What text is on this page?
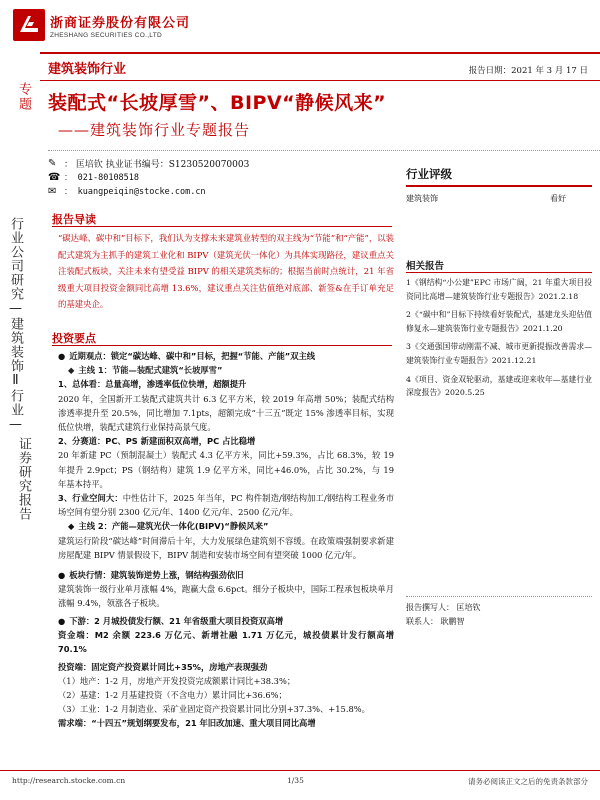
浙商证券股份有限公司
ZHESHANG SECURITIES CO.,LTD
建筑装饰行业	报告日期：2021 年 3 月 17 日
专题
行业公司研究—建筑装饰Ⅱ行业—
证券研究报告
装配式“长坡厚雪”、BIPV“静候风来”
——建筑装饰行业专题报告
✎ ： 匡培钦 执业证书编号：S1230520070003
☎ ： 021-80108518
✉ ： kuangpeiqin@stocke.com.cn
报告导读
“碳达峰、碳中和”目标下，我们认为支撑未来建筑业转型的双主线为“节能”和“产能”，以装配式建筑为主抓手的建筑工业化和 BIPV（建筑光伏一体化）为具体实现路径，建议重点关注装配式板块，关注未来有望受益 BIPV 的相关建筑类标的；根据当前时点统计，21 年省级重大项目投资金额同比高增 13.6%，建议重点关注估值绝对底部、新签&在手订单充足的基建央企。
投资要点
● 近期观点：锁定“碳达峰、碳中和”目标，把握“节能、产能”双主线
◆ 主线 1：节能—装配式建筑“长坡厚雪”
1、总体看：总量高增，渗透率低位快增，超额提升
2020 年，全国新开工装配式建筑共计 6.3 亿平方米，较 2019 年高增 50%；装配式结构渗透率提升至 20.5%，同比增加 7.1pts，超额完成“十三五”既定 15% 渗透率目标，实现低位快增，装配式建筑行业保持高景气度。
2、分赛道：PC、PS 新建面积双高增，PC 占比稳增
20 年新建 PC（预制混凝土）装配式 4.3 亿平方米，同比+59.3%，占比 68.3%，较 19 年提升 2.9pct；PS（钢结构）建筑 1.9 亿平方米，同比+46.0%，占比 30.2%，与 19 年基本持平。
3、行业空间大：中性估计下，2025 年当年，PC 构件制造/钢结构加工/钢结构工程业务市场空间有望分别 2300 亿元/年、1400 亿元/年、2500 亿元/年。
◆ 主线 2：产能—建筑光伏一体化(BIPV)“静候风来”
建筑运行阶段“碳达峰”时间滞后十年，大力发展绿色建筑刻不容缓。在政策端强制要求新建房屋配建 BIPV 情景假设下，BIPV 制造和安装市场空间有望突破 1000 亿元/年。
● 板块行情：建筑装饰逆势上涨，钢结构强劲依旧
建筑装饰一级行业单月涨幅 4%，跑赢大盘 6.6pct。细分子板块中，国际工程承包板块单月涨幅 9.4%，领涨各子板块。
● 下游：2 月城投债发行额、21 年省级重大项目投资双高增
资金端：M2 余额 223.6 万亿元、新增社融 1.71 万亿元，城投债累计发行额高增 70.1%
投资端：固定资产投资累计同比+35%，房地产表现强劲
（1）地产：1-2 月，房地产开发投资完成额累计同比+38.3%；
（2）基建：1-2 月基建投资（不含电力）累计同比+36.6%；
（3）工业：1-2 月制造业、采矿业固定资产投资累计同比分别+37.3%、+15.8%。
需求端：“十四五”规划纲要发布，21 年旧改加速、重大项目同比高增
行业评级
建筑装饰	看好
相关报告
1《钢结构“小公建”EPC 市场广阔，21 年重大项目投资同比高增—建筑装饰行业专题报告》2021.2.18
2《“碳中和”目标下持续看好装配式，基建龙头迎估值修复永—建筑装饰行业专题报告》2021.1.20
3《交通强国带动刚需不减、城市更新提振改善需求—建筑装饰行业专题报告》2021.12.21
4《项目、资金双轮驱动，基建或迎来收年—基建行业深度报告》2020.5.25
报告撰写人： 匡培钦
联系人： 耿鹏智
http://research.stocke.com.cn	1/35	请务必阅读正文之后的免责条款部分
